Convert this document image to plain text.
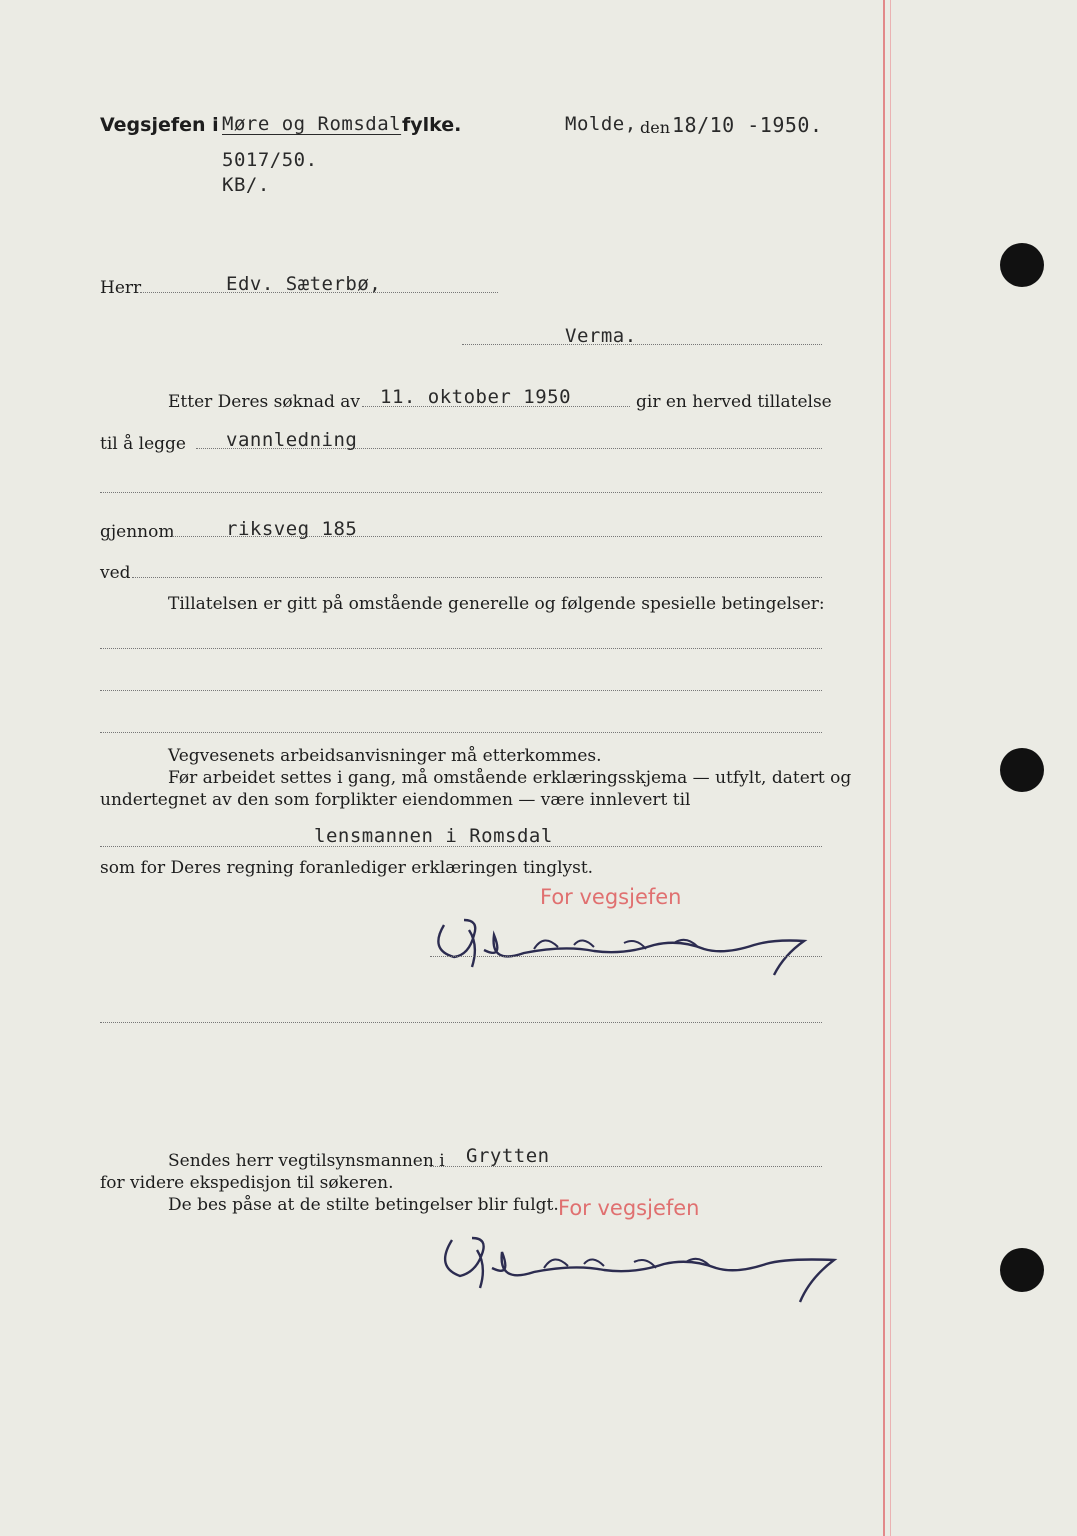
Vegsjefen i Møre og Romsdal fylke.	Molde, den 18/10 -1950.
5017/50.
KB/.
Herr	Edv. Sæterbø,
Verma.
Etter Deres søknad av 11. oktober 1950	gir en herved tillatelse
til å legge vannledning
gjennom	riksveg 185
ved
Tillatelsen er gitt på omstående generelle og følgende spesielle betingelser:
Vegvesenets arbeidsanvisninger må etterkommes.
Før arbeidet settes i gang, må omstående erklæringsskjema — utfylt, datert og
undertegnet av den som forplikter eiendommen — være innlevert til
lensmannen i Romsdal
som for Deres regning foranlediger erklæringen tinglyst.
For vegsjefen
Sendes herr vegtilsynsmannen i Grytten
for videre ekspedisjon til søkeren.
De bes påse at de stilte betingelser blir fulgt. For vegsjefen
